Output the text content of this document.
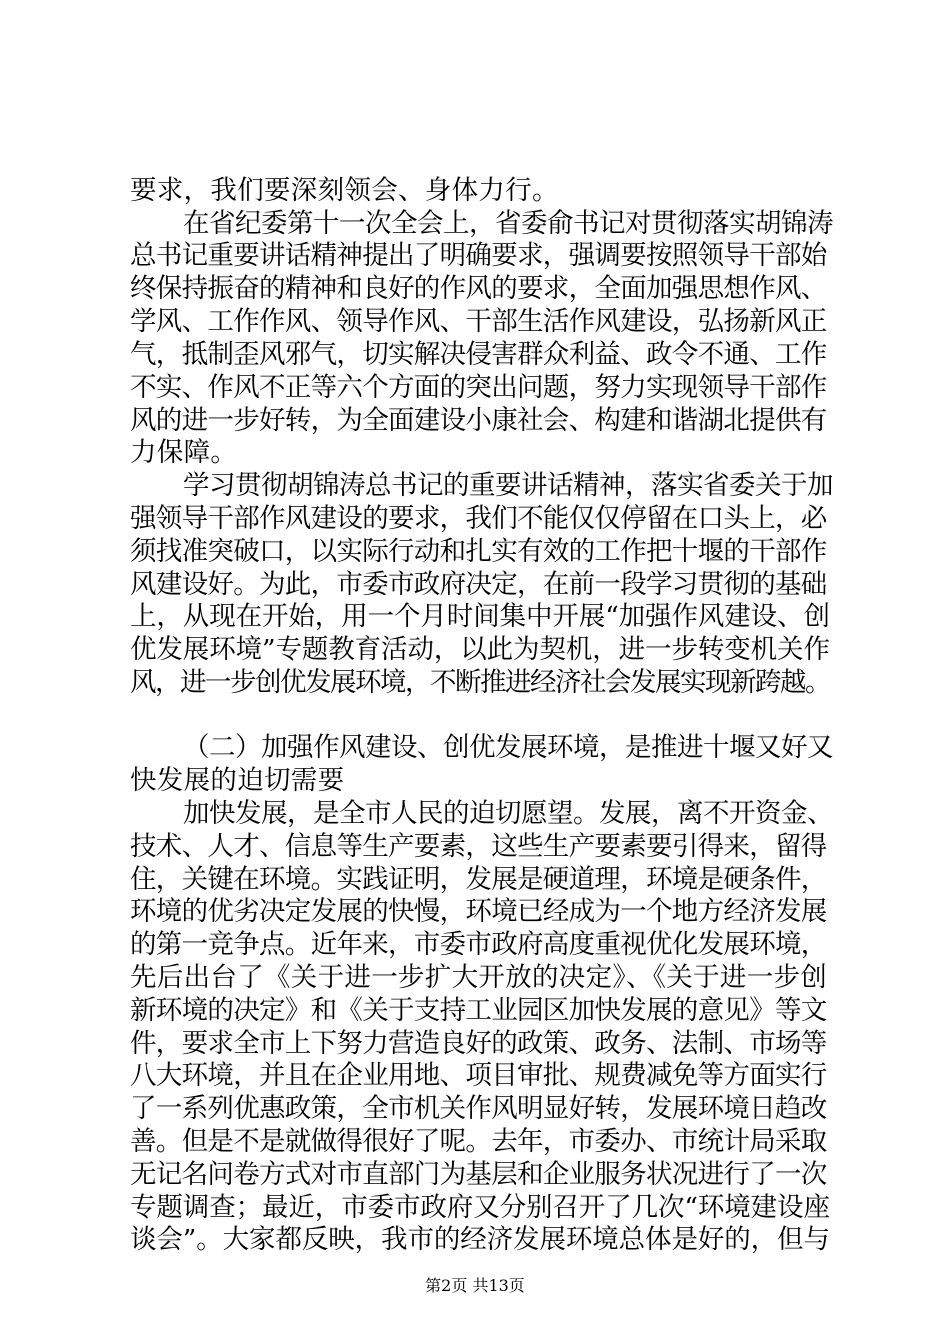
要求，我们要深刻领会、身体力行。
在省纪委第十一次全会上，省委俞书记对贯彻落实胡锦涛
总书记重要讲话精神提出了明确要求，强调要按照领导干部始
终保持振奋的精神和良好的作风的要求，全面加强思想作风、
学风、工作作风、领导作风、干部生活作风建设，弘扬新风正
气，抵制歪风邪气，切实解决侵害群众利益、政令不通、工作
不实、作风不正等六个方面的突出问题，努力实现领导干部作
风的进一步好转，为全面建设小康社会、构建和谐湖北提供有
力保障。
学习贯彻胡锦涛总书记的重要讲话精神，落实省委关于加
强领导干部作风建设的要求，我们不能仅仅停留在口头上，必
须找准突破口，以实际行动和扎实有效的工作把十堰的干部作
风建设好。为此，市委市政府决定，在前一段学习贯彻的基础
上，从现在开始，用一个月时间集中开展“加强作风建设、创
优发展环境”专题教育活动，以此为契机，进一步转变机关作
风，进一步创优发展环境，不断推进经济社会发展实现新跨越。
（二）加强作风建设、创优发展环境，是推进十堰又好又
快发展的迫切需要
加快发展，是全市人民的迫切愿望。发展，离不开资金、
技术、人才、信息等生产要素，这些生产要素要引得来，留得
住，关键在环境。实践证明，发展是硬道理，环境是硬条件，
环境的优劣决定发展的快慢，环境已经成为一个地方经济发展
的第一竞争点。近年来，市委市政府高度重视优化发展环境，
先后出台了《关于进一步扩大开放的决定》、《关于进一步创
新环境的决定》和《关于支持工业园区加快发展的意见》等文
件，要求全市上下努力营造良好的政策、政务、法制、市场等
八大环境，并且在企业用地、项目审批、规费减免等方面实行
了一系列优惠政策，全市机关作风明显好转，发展环境日趋改
善。但是不是就做得很好了呢。去年，市委办、市统计局采取
无记名问卷方式对市直部门为基层和企业服务状况进行了一次
专题调查；最近，市委市政府又分别召开了几次“环境建设座
谈会”。大家都反映，我市的经济发展环境总体是好的，但与
第2页 共13页
